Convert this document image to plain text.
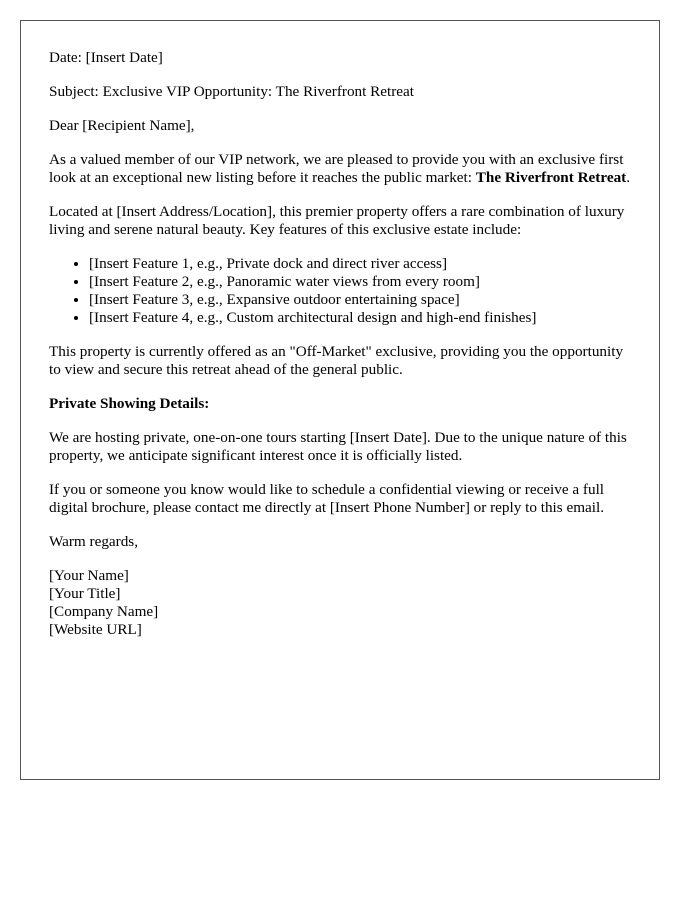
Date: [Insert Date]

Subject: Exclusive VIP Opportunity: The Riverfront Retreat

Dear [Recipient Name],

As a valued member of our VIP network, we are pleased to provide you with an exclusive first look at an exceptional new listing before it reaches the public market: The Riverfront Retreat.

Located at [Insert Address/Location], this premier property offers a rare combination of luxury living and serene natural beauty. Key features of this exclusive estate include:

• [Insert Feature 1, e.g., Private dock and direct river access]
• [Insert Feature 2, e.g., Panoramic water views from every room]
• [Insert Feature 3, e.g., Expansive outdoor entertaining space]
• [Insert Feature 4, e.g., Custom architectural design and high-end finishes]

This property is currently offered as an "Off-Market" exclusive, providing you the opportunity to view and secure this retreat ahead of the general public.

Private Showing Details:

We are hosting private, one-on-one tours starting [Insert Date]. Due to the unique nature of this property, we anticipate significant interest once it is officially listed.

If you or someone you know would like to schedule a confidential viewing or receive a full digital brochure, please contact me directly at [Insert Phone Number] or reply to this email.

Warm regards,

[Your Name]

[Your Title]

[Company Name]

[Website URL]
